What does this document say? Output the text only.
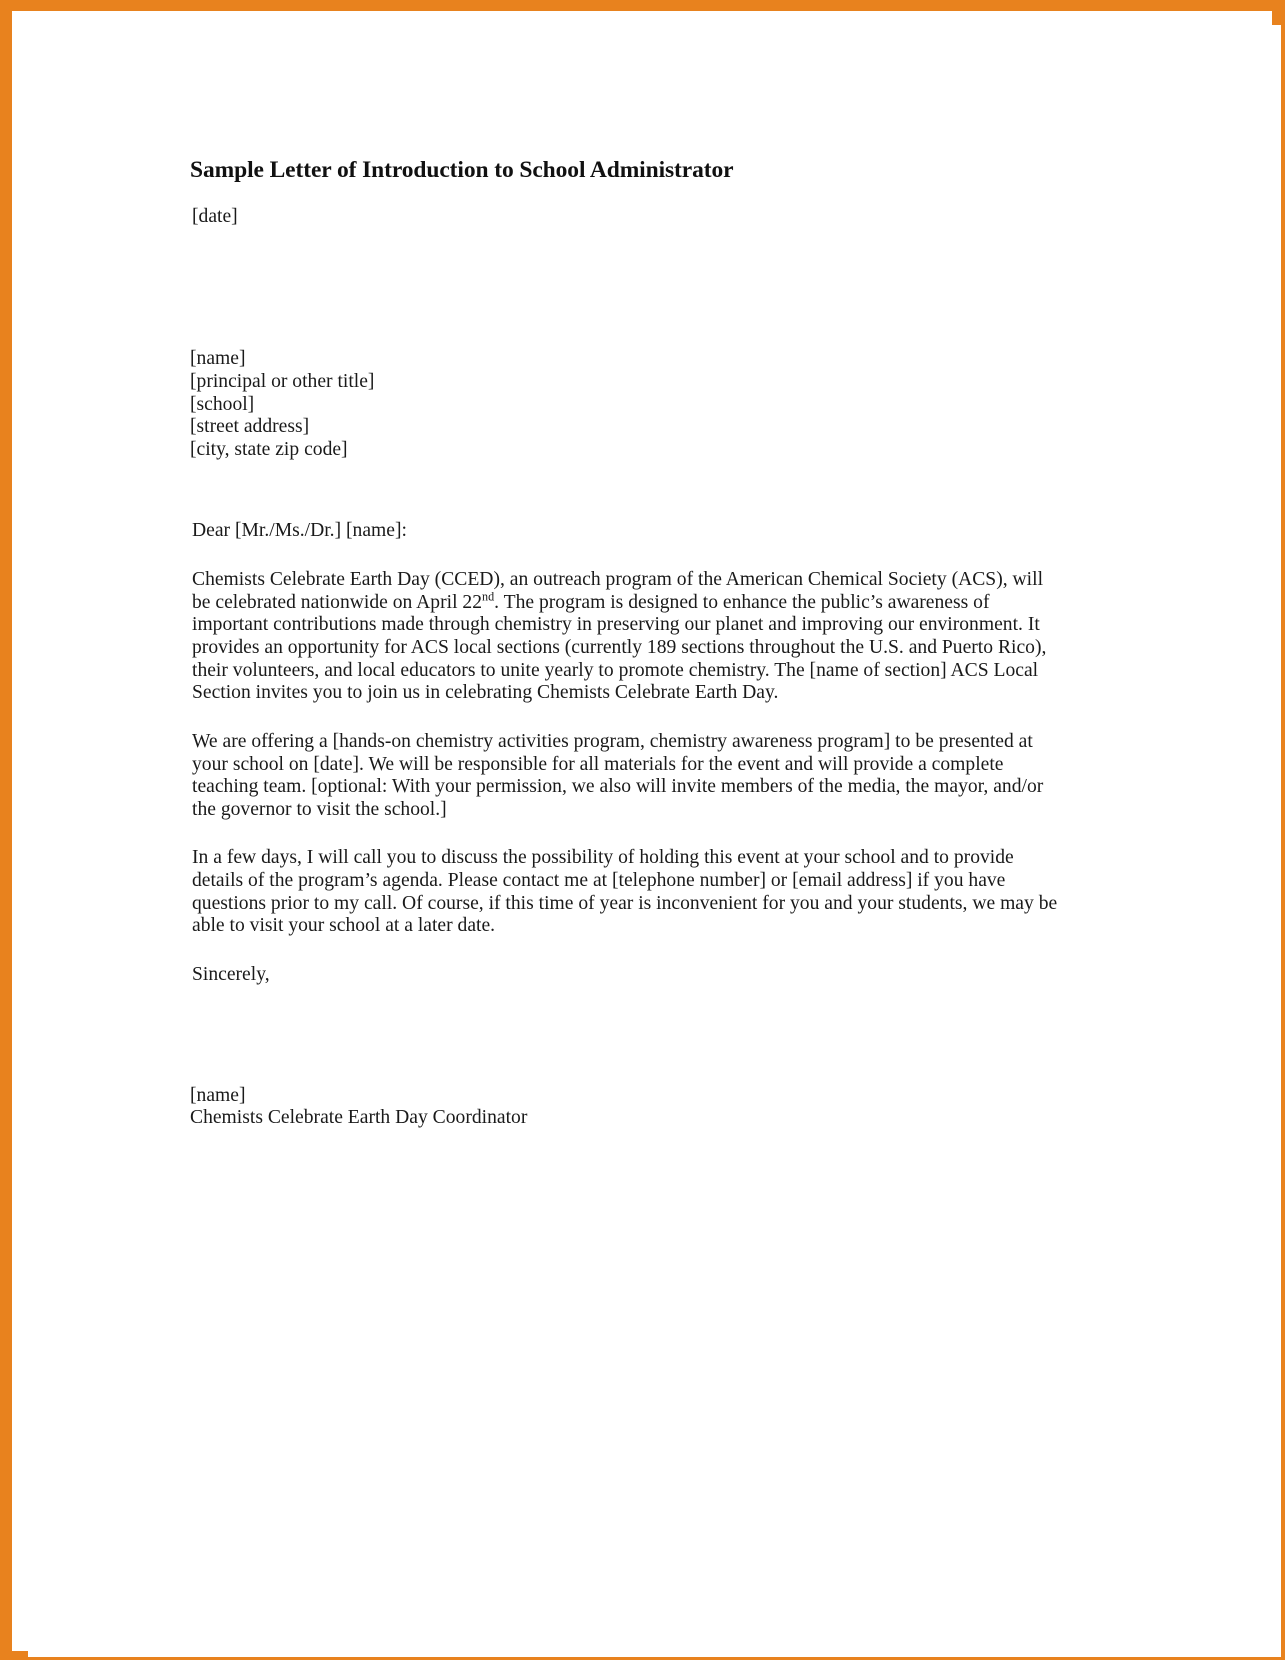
Sample Letter of Introduction to School Administrator

[date]

[name]

[principal or other title]

[school]

[street address]

[city, state zip code]

Dear [Mr./Ms./Dr.] [name]:

Chemists Celebrate Earth Day (CCED), an outreach program of the American Chemical Society (ACS), will be celebrated nationwide on April 22nd. The program is designed to enhance the public’s awareness of important contributions made through chemistry in preserving our planet and improving our environment. It provides an opportunity for ACS local sections (currently 189 sections throughout the U.S. and Puerto Rico), their volunteers, and local educators to unite yearly to promote chemistry. The [name of section] ACS Local Section invites you to join us in celebrating Chemists Celebrate Earth Day.

We are offering a [hands-on chemistry activities program, chemistry awareness program] to be presented at your school on [date]. We will be responsible for all materials for the event and will provide a complete teaching team. [optional: With your permission, we also will invite members of the media, the mayor, and/or the governor to visit the school.]

In a few days, I will call you to discuss the possibility of holding this event at your school and to provide details of the program’s agenda. Please contact me at [telephone number] or [email address] if you have questions prior to my call. Of course, if this time of year is inconvenient for you and your students, we may be able to visit your school at a later date.

Sincerely,

[name]

Chemists Celebrate Earth Day Coordinator
